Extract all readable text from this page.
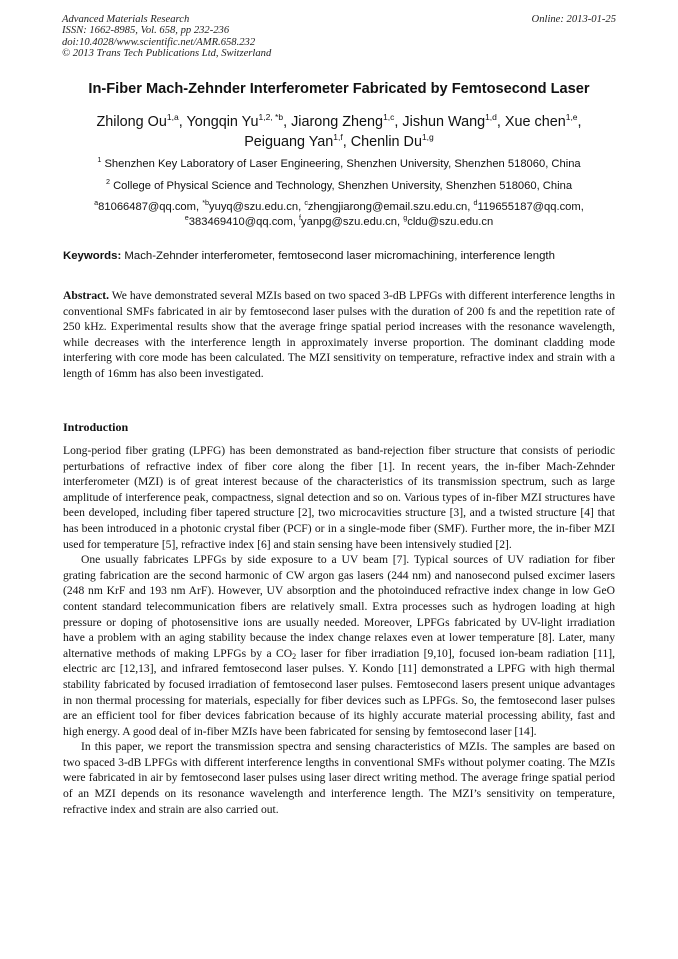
Advanced Materials Research	Online: 2013-01-25
ISSN: 1662-8985, Vol. 658, pp 232-236
doi:10.4028/www.scientific.net/AMR.658.232
© 2013 Trans Tech Publications Ltd, Switzerland
In-Fiber Mach-Zehnder Interferometer Fabricated by Femtosecond Laser
Zhilong Ou$^{1,a}$, Yongqin $Yu^{1,2, *b}$, Jiarong Zheng$^{1,c}$, Jishun Wang$^{1,d}$, Xue chen$^{1,e}$,
Peiguang Yan$^{1,f}$, Chenlin Du$^{1,g}$
$^1$ Shenzhen Key Laboratory of Laser Engineering, Shenzhen University, Shenzhen 518060, China
$^2$ College of Physical Science and Technology, Shenzhen University, Shenzhen 518060, China
$^a$81066487@qq.com, $^{*b}$yuyq@szu.edu.cn, $^c$zhengjiarong@email.szu.edu.cn, $^d$119655187@qq.com,
$^e$383469410@qq.com, $^f$yanpg@szu.edu.cn, $^g$cldu@szu.edu.cn
Keywords: Mach-Zehnder interferometer, femtosecond laser micromachining, interference length
Abstract. We have demonstrated several MZIs based on two spaced 3-dB LPFGs with different interference lengths in conventional SMFs fabricated in air by femtosecond laser pulses with the duration of 200 fs and the repetition rate of 250 kHz. Experimental results show that the average fringe spatial period increases with the resonance wavelength, while decreases with the interference length in approximately inverse proportion. The dominant cladding mode interfering with core mode has been calculated. The MZI sensitivity on temperature, refractive index and strain with a length of 16mm has also been investigated.
Introduction

Long-period fiber grating (LPFG) has been demonstrated as band-rejection fiber structure that consists of periodic perturbations of refractive index of fiber core along the fiber [1]. In recent years, the in-fiber Mach-Zehnder interferometer (MZI) is of great interest because of the characteristics of its transmission spectrum, such as large amplitude of interference peak, compactness, signal detection and so on. Various types of in-fiber MZI structures have been developed, including fiber tapered structure [2], two microcavities structure [3], and a twisted structure [4] that has been introduced in a photonic crystal fiber (PCF) or in a single-mode fiber (SMF). Further more, the in-fiber MZI used for temperature [5], refractive index [6] and stain sensing have been intensively studied [2].

One usually fabricates LPFGs by side exposure to a UV beam [7]. Typical sources of UV radiation for fiber grating fabrication are the second harmonic of CW argon gas lasers (244 nm) and nanosecond pulsed excimer lasers (248 nm KrF and 193 nm ArF). However, UV absorption and the photoinduced refractive index change in low GeO content standard telecommunication fibers are relatively small. Extra processes such as hydrogen loading at high pressure or doping of photosensitive ions are usually needed. Moreover, LPFGs fabricated by UV-light irradiation have a problem with an aging stability because the index change relaxes even at lower temperature [8]. Later, many alternative methods of making LPFGs by a $CO_2$ laser for fiber irradiation [9,10], focused ion-beam radiation [11], electric arc [12,13], and infrared femtosecond laser pulses. Y. Kondo [11] demonstrated a LPFG with high thermal stability fabricated by focused irradiation of femtosecond laser pulses. Femtosecond lasers present unique advantages in non thermal processing for materials, especially for fiber devices such as LPFGs. So, the femtosecond laser pulses are an efficient tool for fiber devices fabrication because of its highly accurate material processing ability, fast and high energy. A good deal of in-fiber MZIs have been fabricated for sensing by femtosecond laser [14].

In this paper, we report the transmission spectra and sensing characteristics of MZIs. The samples are based on two spaced 3-dB LPFGs with different interference lengths in conventional SMFs without polymer coating. The MZIs were fabricated in air by femtosecond laser pulses using laser direct writing method. The average fringe spatial period of an MZI depends on its resonance wavelength and interference length. The MZI’s sensitivity on temperature, refractive index and strain are also carried out.
